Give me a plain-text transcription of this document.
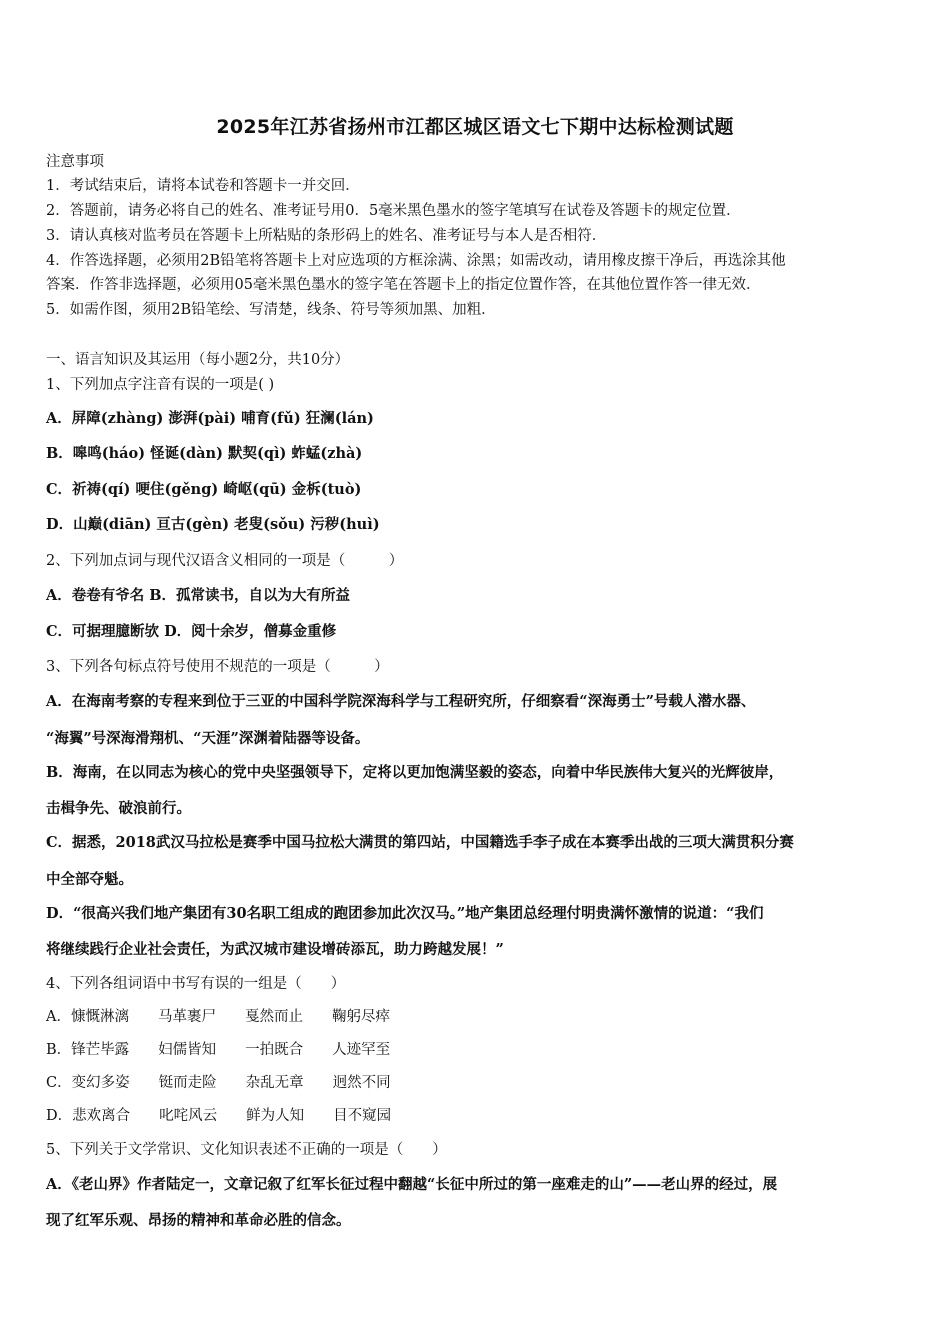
2025年江苏省扬州市江都区城区语文七下期中达标检测试题
注意事项
1．考试结束后，请将本试卷和答题卡一并交回．
2．答题前，请务必将自己的姓名、准考证号用0．5毫米黑色墨水的签字笔填写在试卷及答题卡的规定位置．
3．请认真核对监考员在答题卡上所粘贴的条形码上的姓名、准考证号与本人是否相符．
4．作答选择题，必须用2B铅笔将答题卡上对应选项的方框涂满、涂黑；如需改动，请用橡皮擦干净后，再选涂其他
答案．作答非选择题，必须用05毫米黑色墨水的签字笔在答题卡上的指定位置作答，在其他位置作答一律无效．
5．如需作图，须用2B铅笔绘、写清楚，线条、符号等须加黑、加粗．
一、语言知识及其运用（每小题2分，共10分）
1、下列加点字注音有误的一项是( )
A．屏障(zhàng) 澎湃(pài) 哺育(fǔ) 狂澜(lán)
B．嗥鸣(háo) 怪诞(dàn) 默契(qì) 蚱蜢(zhà)
C．祈祷(qí) 哽住(gěng) 崎岖(qū) 金柝(tuò)
D．山巅(diān) 亘古(gèn) 老叟(sǒu) 污秽(huì)
2、下列加点词与现代汉语含义相同的一项是（　　　）
A．卷卷有爷名 B．孤常读书，自以为大有所益
C．可据理臆断欤 D．阅十余岁，僧募金重修
3、下列各句标点符号使用不规范的一项是（　　　）
A．在海南考察的专程来到位于三亚的中国科学院深海科学与工程研究所，仔细察看“深海勇士”号载人潜水器、
“海翼”号深海滑翔机、“天涯”深渊着陆器等设备。
B．海南，在以同志为核心的党中央坚强领导下，定将以更加饱满坚毅的姿态，向着中华民族伟大复兴的光辉彼岸，
击楫争先、破浪前行。
C．据悉，2018武汉马拉松是赛季中国马拉松大满贯的第四站，中国籍选手李子成在本赛季出战的三项大满贯积分赛
中全部夺魁。
D．“很高兴我们地产集团有30名职工组成的跑团参加此次汉马。”地产集团总经理付明贵满怀激情的说道：“我们
将继续践行企业社会责任，为武汉城市建设增砖添瓦，助力跨越发展！”
4、下列各组词语中书写有误的一组是（　　）
A．慷慨淋漓　　马革裹尸　　戛然而止　　鞠躬尽瘁
B．锋芒毕露　　妇儒皆知　　一拍既合　　人迹罕至
C．变幻多姿　　铤而走险　　杂乱无章　　迥然不同
D．悲欢离合　　叱咤风云　　鲜为人知　　目不窥园
5、下列关于文学常识、文化知识表述不正确的一项是（　　）
A．《老山界》作者陆定一，文章记叙了红军长征过程中翻越“长征中所过的第一座难走的山”——老山界的经过，展
现了红军乐观、昂扬的精神和革命必胜的信念。
